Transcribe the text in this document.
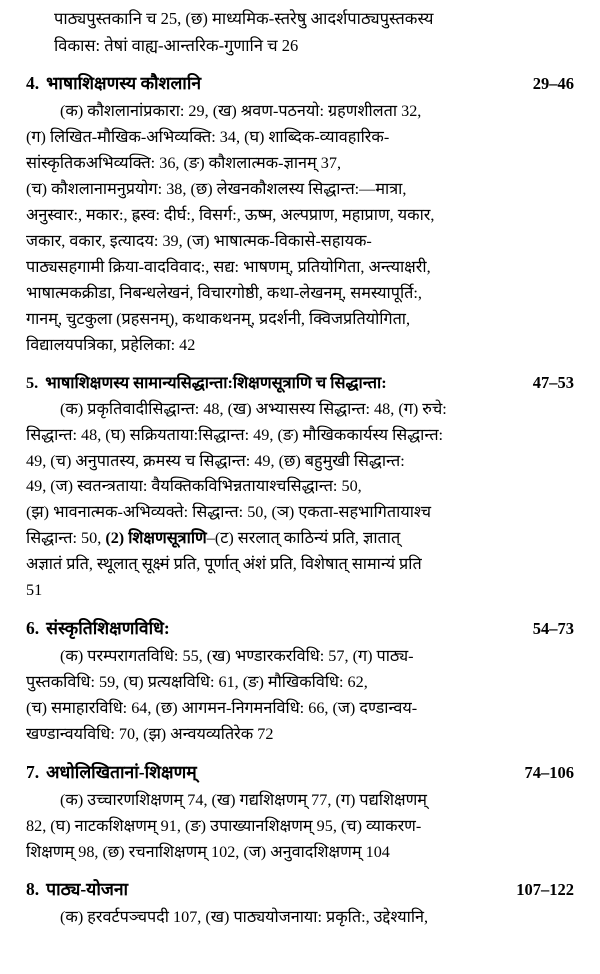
पाठ्यपुस्तकानि च 25, (छ) माध्यमिक-स्तरेषु आदर्शपाठ्यपुस्तकस्य
विकास: तेषां वाह्य-आन्तरिक-गुणानि च 26
4. भाषाशिक्षणस्य कौशलानि	29–46

(क) कौशलानांप्रकारा: 29, (ख) श्रवण-पठनयो: ग्रहणशीलता 32,

(ग) लिखित-मौखिक-अभिव्यक्ति: 34, (घ) शाब्दिक-व्यावहारिक-

सांस्कृतिकअभिव्यक्ति: 36, (ङ) कौशलात्मक-ज्ञानम् 37,

(च) कौशलानामनुप्रयोग: 38, (छ) लेखनकौशलस्य सिद्धान्त:—मात्रा,

अनुस्वार:, मकार:, ह्रस्व: दीर्घ:, विसर्ग:, ऊष्म, अल्पप्राण, महाप्राण, यकार,

जकार, वकार, इत्यादय: 39, (ज) भाषात्मक-विकासे-सहायक-

पाठ्यसहगामी क्रिया-वादविवाद:, सद्य: भाषणम्, प्रतियोगिता, अन्त्याक्षरी,

भाषात्मकक्रीडा, निबन्धलेखनं, विचारगोष्ठी, कथा-लेखनम्, समस्यापूर्ति:,

गानम्, चुटकुला (प्रहसनम्), कथाकथनम्, प्रदर्शनी, क्विजप्रतियोगिता,

विद्यालयपत्रिका, प्रहेलिका: 42

5. भाषाशिक्षणस्य सामान्यसिद्धान्ता:शिक्षणसूत्राणि च सिद्धान्ता:	47–53

(क) प्रकृतिवादीसिद्धान्त: 48, (ख) अभ्यासस्य सिद्धान्त: 48, (ग) रुचे:

सिद्धान्त: 48, (घ) सक्रियताया:सिद्धान्त: 49, (ङ) मौखिककार्यस्य सिद्धान्त:

49, (च) अनुपातस्य, क्रमस्य च सिद्धान्त: 49, (छ) बहुमुखी सिद्धान्त:

49, (ज) स्वतन्त्रताया: वैयक्तिकविभिन्नतायाश्चसिद्धान्त: 50,

(झ) भावनात्मक-अभिव्यक्ते: सिद्धान्त: 50, (ञ) एकता-सहभागितायाश्च

सिद्धान्त: 50, (2) शिक्षणसूत्राणि–(ट) सरलात् काठिन्यं प्रति, ज्ञातात्

अज्ञातं प्रति, स्थूलात् सूक्ष्मं प्रति, पूर्णात् अंशं प्रति, विशेषात् सामान्यं प्रति

51

6. संस्कृतिशिक्षणविधि:	54–73

(क) परम्परागतविधि: 55, (ख) भण्डारकरविधि: 57, (ग) पाठ्य-

पुस्तकविधि: 59, (घ) प्रत्यक्षविधि: 61, (ङ) मौखिकविधि: 62,

(च) समाहारविधि: 64, (छ) आगमन-निगमनविधि: 66, (ज) दण्डान्वय-

खण्डान्वयविधि: 70, (झ) अन्वयव्यतिरेक 72

7. अधोलिखितानां-शिक्षणम्	74–106

(क) उच्चारणशिक्षणम् 74, (ख) गद्यशिक्षणम् 77, (ग) पद्यशिक्षणम्

82, (घ) नाटकशिक्षणम् 91, (ङ) उपाख्यानशिक्षणम् 95, (च) व्याकरण-

शिक्षणम् 98, (छ) रचनाशिक्षणम् 102, (ज) अनुवादशिक्षणम् 104

8. पाठ्य-योजना	107–122

(क) हरवर्टपञ्चपदी 107, (ख) पाठ्ययोजनाया: प्रकृति:, उद्देश्यानि,
